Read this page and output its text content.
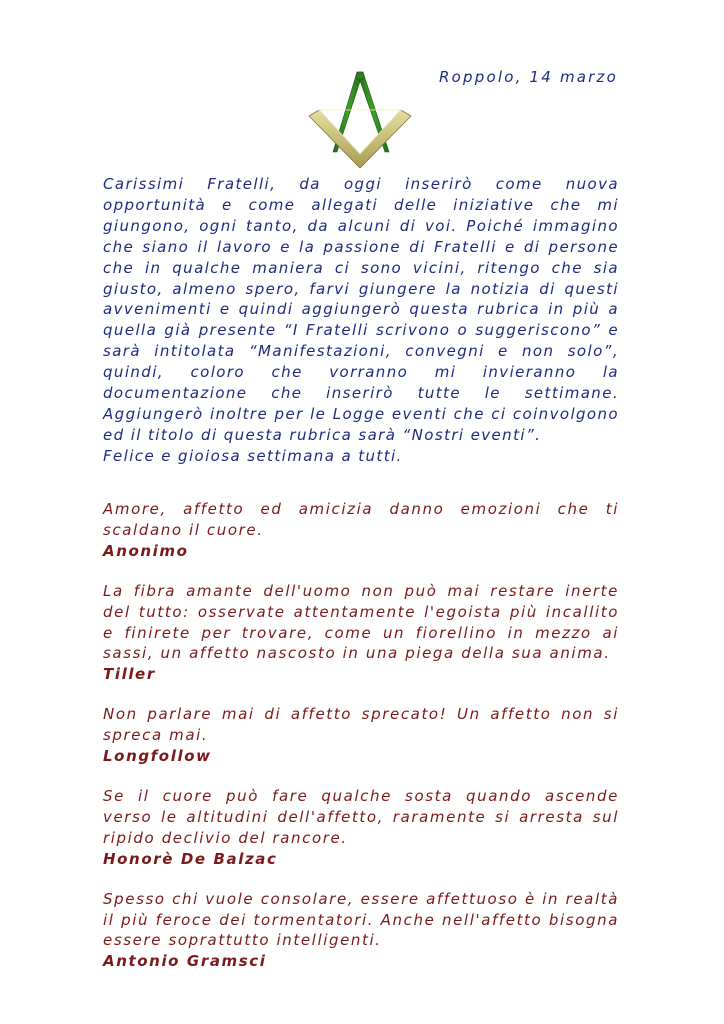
Roppolo, 14 marzo

Carissimi Fratelli, da oggi inserirò come nuova opportunità e come allegati delle iniziative che mi giungono, ogni tanto, da alcuni di voi. Poiché immagino che siano il lavoro e la passione di Fratelli e di persone che in qualche maniera ci sono vicini, ritengo che sia giusto, almeno spero, farvi giungere la notizia di questi avvenimenti e quindi aggiungerò questa rubrica in più a quella già presente “I Fratelli scrivono o suggeriscono” e sarà intitolata “Manifestazioni, convegni e non solo”, quindi, coloro che vorranno mi invieranno la documentazione che inserirò tutte le settimane. Aggiungerò inoltre per le Logge eventi che ci coinvolgono ed il titolo di questa rubrica sarà “Nostri eventi”.

Felice e gioiosa settimana a tutti.

Amore, affetto ed amicizia danno emozioni che ti scaldano il cuore.

Anonimo

La fibra amante dell'uomo non può mai restare inerte del tutto: osservate attentamente l'egoista più incallito e finirete per trovare, come un fiorellino in mezzo ai sassi, un affetto nascosto in una piega della sua anima.

Tiller

Non parlare mai di affetto sprecato! Un affetto non si spreca mai.

Longfollow

Se il cuore può fare qualche sosta quando ascende verso le altitudini dell'affetto, raramente si arresta sul ripido declivio del rancore.

Honorè De Balzac

Spesso chi vuole consolare, essere affettuoso è in realtà il più feroce dei tormentatori. Anche nell'affetto bisogna essere soprattutto intelligenti.

Antonio Gramsci
